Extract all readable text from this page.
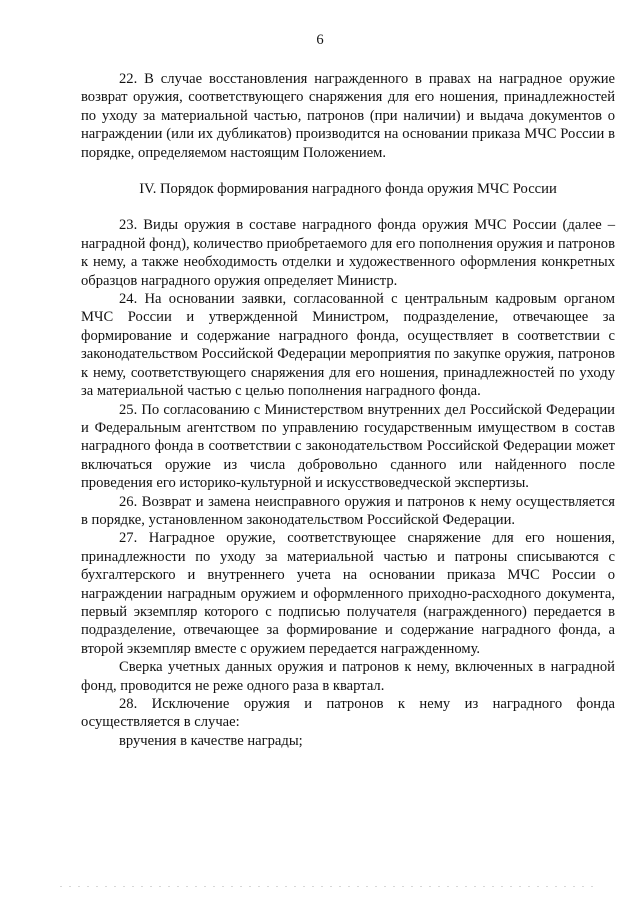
6

22. В случае восстановления награжденного в правах на наградное оружие возврат оружия, соответствующего снаряжения для его ношения, принадлежностей по уходу за материальной частью, патронов (при наличии) и выдача документов о награждении (или их дубликатов) производится на основании приказа МЧС России в порядке, определяемом настоящим Положением.

IV. Порядок формирования наградного фонда оружия МЧС России

23. Виды оружия в составе наградного фонда оружия МЧС России (далее – наградной фонд), количество приобретаемого для его пополнения оружия и патронов к нему, а также необходимость отделки и художественного оформления конкретных образцов наградного оружия определяет Министр.

24. На основании заявки, согласованной с центральным кадровым органом МЧС России и утвержденной Министром, подразделение, отвечающее за формирование и содержание наградного фонда, осуществляет в соответствии с законодательством Российской Федерации мероприятия по закупке оружия, патронов к нему, соответствующего снаряжения для его ношения, принадлежностей по уходу за материальной частью с целью пополнения наградного фонда.

25. По согласованию с Министерством внутренних дел Российской Федерации и Федеральным агентством по управлению государственным имуществом в состав наградного фонда в соответствии с законодательством Российской Федерации может включаться оружие из числа добровольно сданного или найденного после проведения его историко-культурной и искусствоведческой экспертизы.

26. Возврат и замена неисправного оружия и патронов к нему осуществляется в порядке, установленном законодательством Российской Федерации.

27. Наградное оружие, соответствующее снаряжение для его ношения, принадлежности по уходу за материальной частью и патроны списываются с бухгалтерского и внутреннего учета на основании приказа МЧС России о награждении наградным оружием и оформленного приходно-расходного документа, первый экземпляр которого с подписью получателя (награжденного) передается в подразделение, отвечающее за формирование и содержание наградного фонда, а второй экземпляр вместе с оружием передается награжденному.

Сверка учетных данных оружия и патронов к нему, включенных в наградной фонд, проводится не реже одного раза в квартал.

28. Исключение оружия и патронов к нему из наградного фонда осуществляется в случае:

вручения в качестве награды;
